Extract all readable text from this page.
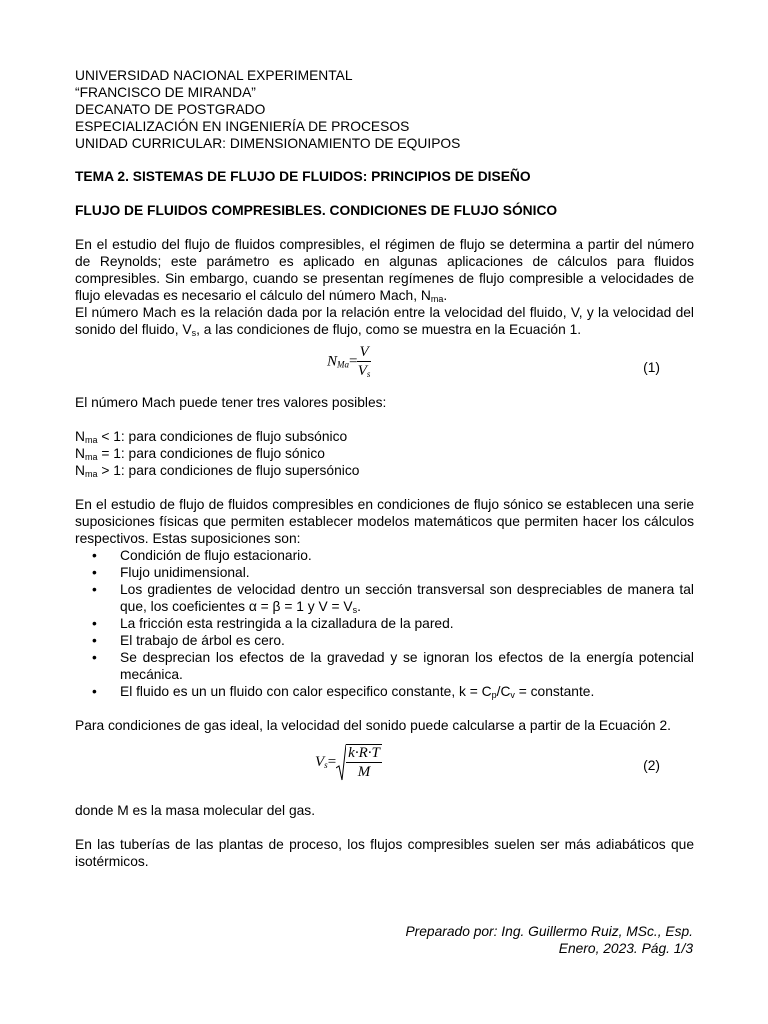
UNIVERSIDAD NACIONAL EXPERIMENTAL
“FRANCISCO DE MIRANDA”
DECANATO DE POSTGRADO
ESPECIALIZACIÓN EN INGENIERÍA DE PROCESOS
UNIDAD CURRICULAR: DIMENSIONAMIENTO DE EQUIPOS
TEMA 2. SISTEMAS DE FLUJO DE FLUIDOS: PRINCIPIOS DE DISEÑO
FLUJO DE FLUIDOS COMPRESIBLES. CONDICIONES DE FLUJO SÓNICO

En el estudio del flujo de fluidos compresibles, el régimen de flujo se determina a partir del número de Reynolds; este parámetro es aplicado en algunas aplicaciones de cálculos para fluidos compresibles. Sin embargo, cuando se presentan regímenes de flujo compresible a velocidades de flujo elevadas es necesario el cálculo del número Mach, $N_{ma}$.

El número Mach es la relación dada por la relación entre la velocidad del fluido, V, y la velocidad del sonido del fluido, $V_s$, a las condiciones de flujo, como se muestra en la Ecuación 1.

$N_{Ma}= \frac{V}{V_s}$	(1)

El número Mach puede tener tres valores posibles:

$N_{ma} < 1$: para condiciones de flujo subsónico
$N_{ma} = 1$: para condiciones de flujo sónico
$N_{ma} > 1$: para condiciones de flujo supersónico

En el estudio de flujo de fluidos compresibles en condiciones de flujo sónico se establecen una serie suposiciones físicas que permiten establecer modelos matemáticos que permiten hacer los cálculos respectivos. Estas suposiciones son:

• Condición de flujo estacionario.
• Flujo unidimensional.
• Los gradientes de velocidad dentro un sección transversal son despreciables de manera tal que, los coeficientes α = β = 1 y $V = V_s$.
• La fricción esta restringida a la cizalladura de la pared.
• El trabajo de árbol es cero.
• Se desprecian los efectos de la gravedad y se ignoran los efectos de la energía potencial mecánica.
• El fluido es un un fluido con calor especifico constante, $k = C_p/C_v$ = constante.

Para condiciones de gas ideal, la velocidad del sonido puede calcularse a partir de la Ecuación 2.

$V_s= \frac{k\cdot R\cdot T}{M}$	(2)

donde M es la masa molecular del gas.

En las tuberías de las plantas de proceso, los flujos compresibles suelen ser más adiabáticos que isotérmicos.

Preparado por: Ing. Guillermo Ruiz, MSc., Esp.
Enero, 2023. Pág. 1/3
